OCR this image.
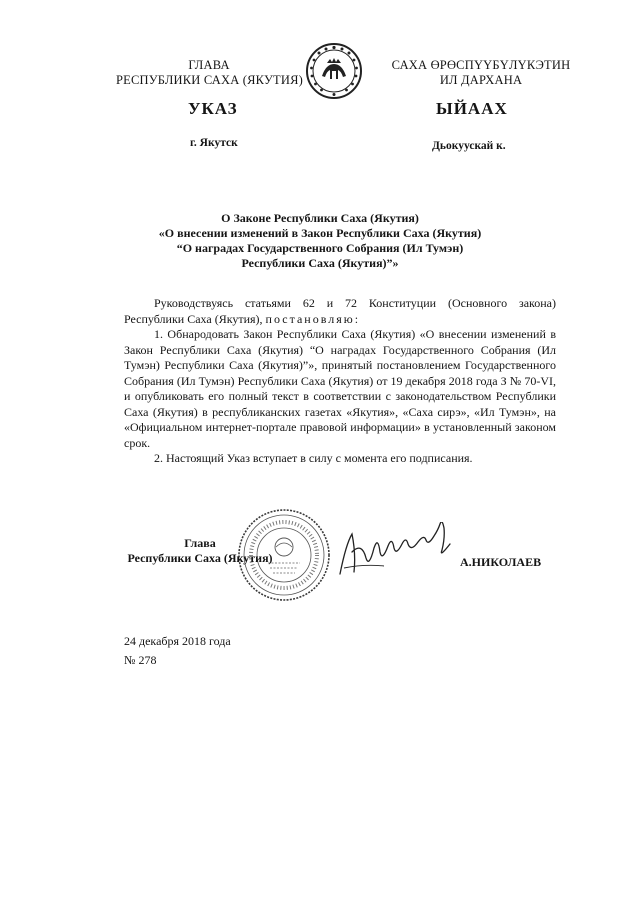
ГЛАВА
РЕСПУБЛИКИ САХА (ЯКУТИЯ)
САХА ӨРӨСПҮҮБҮЛҮКЭТИН
ИЛ ДАРХАНА
УКАЗ	ЫЙААХ
г. Якутск	Дьокуускай к.
О Законе Республики Саха (Якутия)
«О внесении изменений в Закон Республики Саха (Якутия)
“О наградах Государственного Собрания (Ил Тумэн)
Республики Саха (Якутия)”»

Руководствуясь статьями 62 и 72 Конституции (Основного закона) Республики Саха (Якутия), постановляю:

1. Обнародовать Закон Республики Саха (Якутия) «О внесении изменений в Закон Республики Саха (Якутия) “О наградах Государственного Собрания (Ил Тумэн) Республики Саха (Якутия)”», принятый постановлением Государственного Собрания (Ил Тумэн) Республики Саха (Якутия) от 19 декабря 2018 года З № 70-VI, и опубликовать его полный текст в соответствии с законодательством Республики Саха (Якутия) в республиканских газетах «Якутия», «Саха сирэ», «Ил Тумэн», на «Официальном интернет-портале правовой информации» в установленный законом срок.

2. Настоящий Указ вступает в силу с момента его подписания.

Глава
Республики Саха (Якутия)	А.НИКОЛАЕВ
24 декабря 2018 года
№ 278
